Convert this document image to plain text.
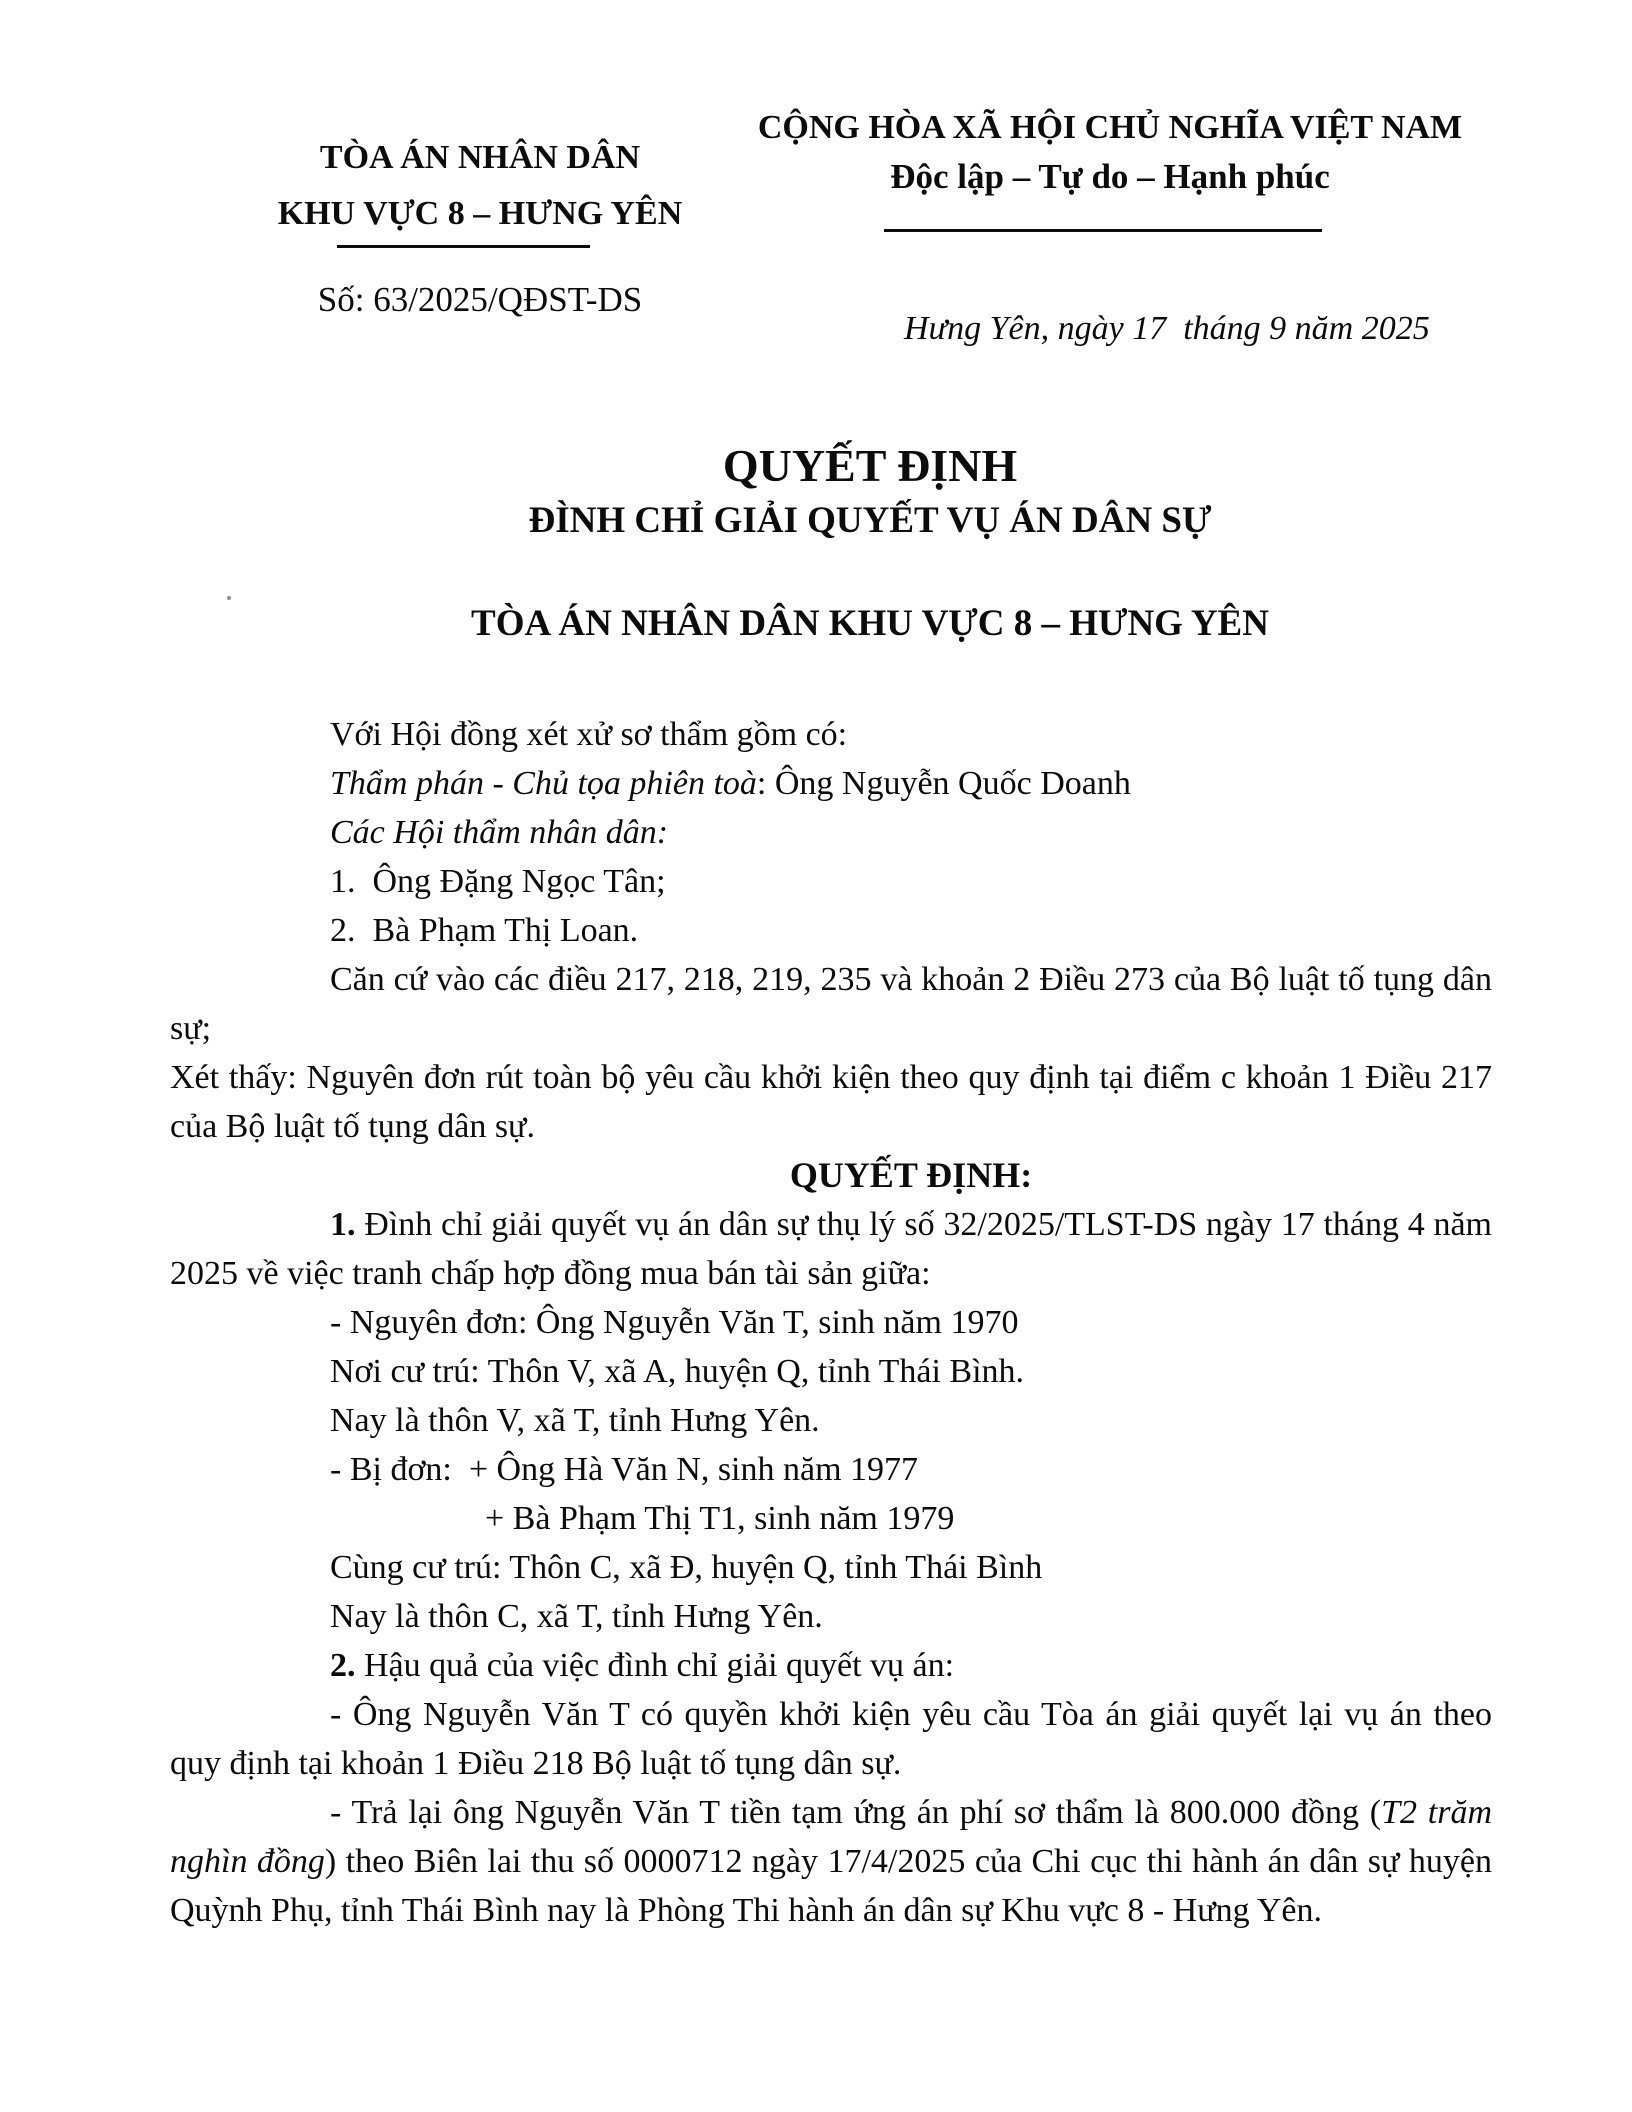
TÒA ÁN NHÂN DÂN
KHU VỰC 8 – HƯNG YÊN
Số: 63/2025/QĐST-DS
CỘNG HÒA XÃ HỘI CHỦ NGHĨA VIỆT NAM
Độc lập – Tự do – Hạnh phúc
Hưng Yên, ngày 17  tháng 9 năm 2025
QUYẾT ĐỊNH
ĐÌNH CHỈ GIẢI QUYẾT VỤ ÁN DÂN SỰ
TÒA ÁN NHÂN DÂN KHU VỰC 8 – HƯNG YÊN

Với Hội đồng xét xử sơ thẩm gồm có:

Thẩm phán - Chủ tọa phiên toà: Ông Nguyễn Quốc Doanh

Các Hội thẩm nhân dân:

1.  Ông Đặng Ngọc Tân;

2.  Bà Phạm Thị Loan.

Căn cứ vào các điều 217, 218, 219, 235 và khoản 2 Điều 273 của Bộ luật tố tụng dân sự;

Xét thấy: Nguyên đơn rút toàn bộ yêu cầu khởi kiện theo quy định tại điểm c khoản 1 Điều 217 của Bộ luật tố tụng dân sự.

QUYẾT ĐỊNH:

1. Đình chỉ giải quyết vụ án dân sự thụ lý số 32/2025/TLST-DS ngày 17 tháng 4 năm 2025 về việc tranh chấp hợp đồng mua bán tài sản giữa:

- Nguyên đơn: Ông Nguyễn Văn T, sinh năm 1970

Nơi cư trú: Thôn V, xã A, huyện Q, tỉnh Thái Bình.

Nay là thôn V, xã T, tỉnh Hưng Yên.

- Bị đơn:  + Ông Hà Văn N, sinh năm 1977

+ Bà Phạm Thị T1, sinh năm 1979

Cùng cư trú: Thôn C, xã Đ, huyện Q, tỉnh Thái Bình

Nay là thôn C, xã T, tỉnh Hưng Yên.

2. Hậu quả của việc đình chỉ giải quyết vụ án:

- Ông Nguyễn Văn T có quyền khởi kiện yêu cầu Tòa án giải quyết lại vụ án theo quy định tại khoản 1 Điều 218 Bộ luật tố tụng dân sự.

- Trả lại ông Nguyễn Văn T tiền tạm ứng án phí sơ thẩm là 800.000 đồng (T2 trăm nghìn đồng) theo Biên lai thu số 0000712 ngày 17/4/2025 của Chi cục thi hành án dân sự huyện Quỳnh Phụ, tỉnh Thái Bình nay là Phòng Thi hành án dân sự Khu vực 8 - Hưng Yên.
